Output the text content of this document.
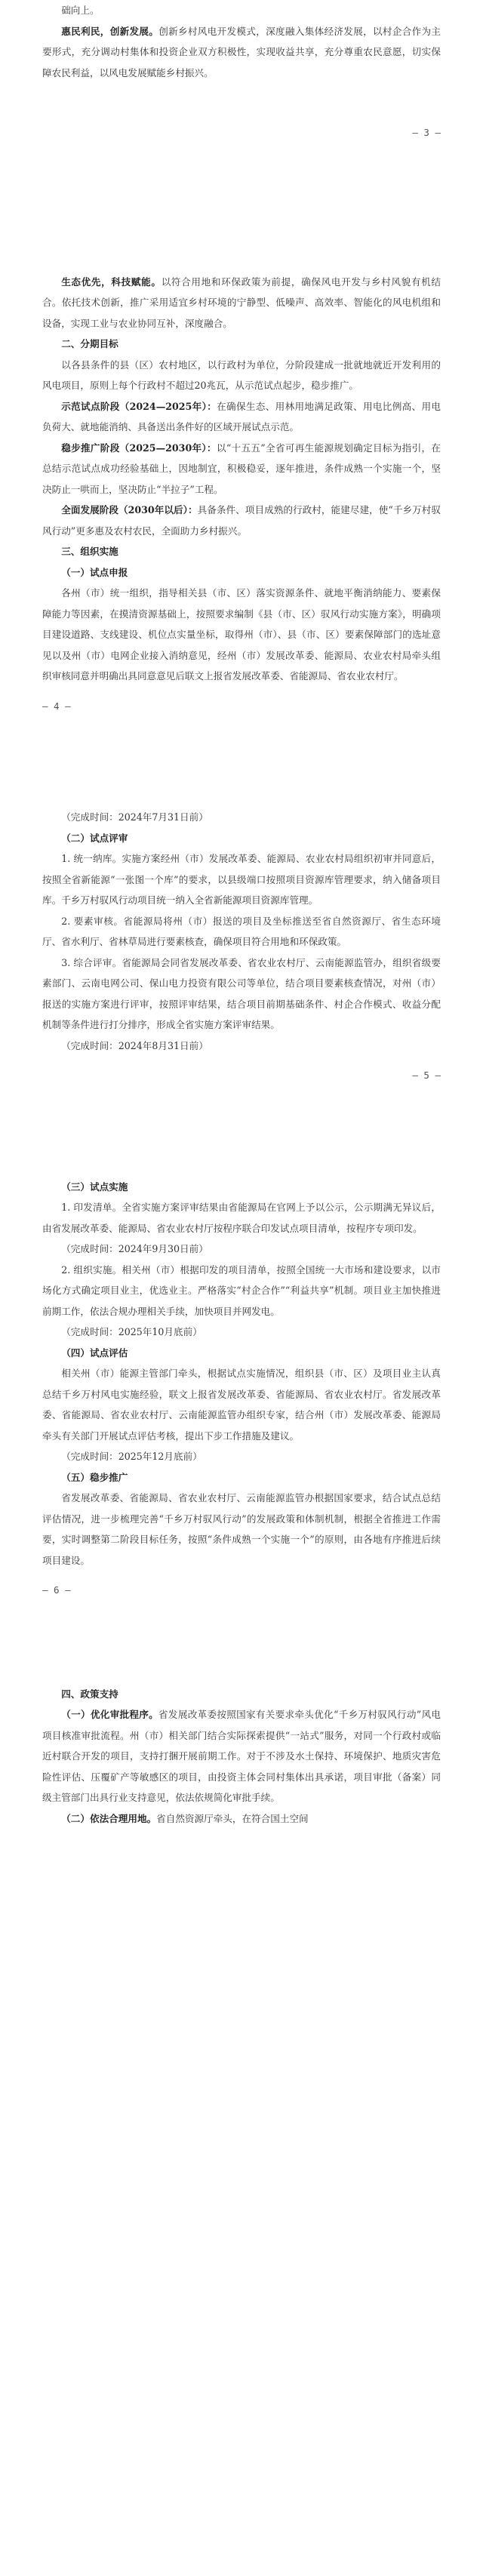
础向上。

惠民利民，创新发展。创新乡村风电开发模式，深度融入集体经济发展，以村企合作为主要形式，充分调动村集体和投资企业双方积极性，实现收益共享，充分尊重农民意愿，切实保障农民利益，以风电发展赋能乡村振兴。

— 3 —

生态优先，科技赋能。以符合用地和环保政策为前提，确保风电开发与乡村风貌有机结合。依托技术创新，推广采用适宜乡村环境的宁静型、低噪声、高效率、智能化的风电机组和设备，实现工业与农业协同互补，深度融合。

二、分期目标

以各县条件的县（区）农村地区，以行政村为单位，分阶段建成一批就地就近开发利用的风电项目，原则上每个行政村不超过20兆瓦，从示范试点起步，稳步推广。

示范试点阶段（2024—2025年）：在确保生态、用林用地满足政策、用电比例高、用电负荷大、就地能消纳、具备送出条件好的区域开展试点示范。

稳步推广阶段（2025—2030年）：以“十五五”全省可再生能源规划确定目标为指引，在总结示范试点成功经验基础上，因地制宜，积极稳妥，逐年推进，条件成熟一个实施一个，坚决防止一哄而上，坚决防止“半拉子”工程。

全面发展阶段（2030年以后）：具备条件、项目成熟的行政村，能建尽建，使“千乡万村驭风行动”更多惠及农村农民，全面助力乡村振兴。

三、组织实施

（一）试点申报

各州（市）统一组织，指导相关县（市、区）落实资源条件、就地平衡消纳能力、要素保障能力等因素，在摸清资源基础上，按照要求编制《县（市、区）驭风行动实施方案》，明确项目建设道路、支线建设、机位点实量坐标，取得州（市）、县（市、区）要素保障部门的选址意见以及州（市）电网企业接入消纳意见，经州（市）发展改革委、能源局、农业农村局牵头组织审核同意并明确出具同意意见后联文上报省发展改革委、省能源局、省农业农村厅。

— 4 —

（完成时间：2024年7月31日前）

（二）试点评审

1. 统一纳库。实施方案经州（市）发展改革委、能源局、农业农村局组织初审并同意后，按照全省新能源“一张图一个库”的要求，以县级端口按照项目资源库管理要求，纳入储备项目库。千乡万村驭风行动项目统一纳入全省新能源项目资源库管理。

2. 要素审核。省能源局将州（市）报送的项目及坐标推送至省自然资源厅、省生态环境厅、省水利厅、省林草局进行要素核查，确保项目符合用地和环保政策。

3. 综合评审。省能源局会同省发展改革委、省农业农村厅、云南能源监管办，组织省级要素部门、云南电网公司、保山电力投资有限公司等单位，结合项目要素核查情况，对州（市）报送的实施方案进行评审，按照评审结果，结合项目前期基础条件、村企合作模式、收益分配机制等条件进行打分排序，形成全省实施方案评审结果。

（完成时间：2024年8月31日前）

— 5 —

（三）试点实施

1. 印发清单。全省实施方案评审结果由省能源局在官网上予以公示，公示期满无异议后，由省发展改革委、能源局、省农业农村厅按程序联合印发试点项目清单，按程序专项印发。

（完成时间：2024年9月30日前）

2. 组织实施。相关州（市）根据印发的项目清单，按照全国统一大市场和建设要求，以市场化方式确定项目业主，优选业主。严格落实“村企合作”“利益共享”机制。项目业主加快推进前期工作，依法合规办理相关手续，加快项目并网发电。

（完成时间：2025年10月底前）

（四）试点评估

相关州（市）能源主管部门牵头，根据试点实施情况，组织县（市、区）及项目业主认真总结千乡万村风电实施经验，联文上报省发展改革委、省能源局、省农业农村厅。省发展改革委、省能源局、省农业农村厅、云南能源监管办组织专家，结合州（市）发展改革委、能源局牵头有关部门开展试点评估考核，提出下步工作措施及建议。

（完成时间：2025年12月底前）

（五）稳步推广

省发展改革委、省能源局、省农业农村厅、云南能源监管办根据国家要求，结合试点总结评估情况，进一步梳理完善“千乡万村驭风行动”的发展政策和体制机制，根据全省推进工作需要，实时调整第二阶段目标任务，按照“条件成熟一个实施一个”的原则，由各地有序推进后续项目建设。

— 6 —

四、政策支持

（一）优化审批程序。省发展改革委按照国家有关要求牵头优化“千乡万村驭风行动”风电项目核准审批流程。州（市）相关部门结合实际探索提供“一站式”服务，对同一个行政村或临近村联合开发的项目，支持打捆开展前期工作。对于不涉及水土保持、环境保护、地质灾害危险性评估、压覆矿产等敏感区的项目，由投资主体会同村集体出具承诺，项目审批（备案）同级主管部门出具行业支持意见，依法依规简化审批手续。

（二）依法合理用地。省自然资源厅牵头，在符合国土空间
